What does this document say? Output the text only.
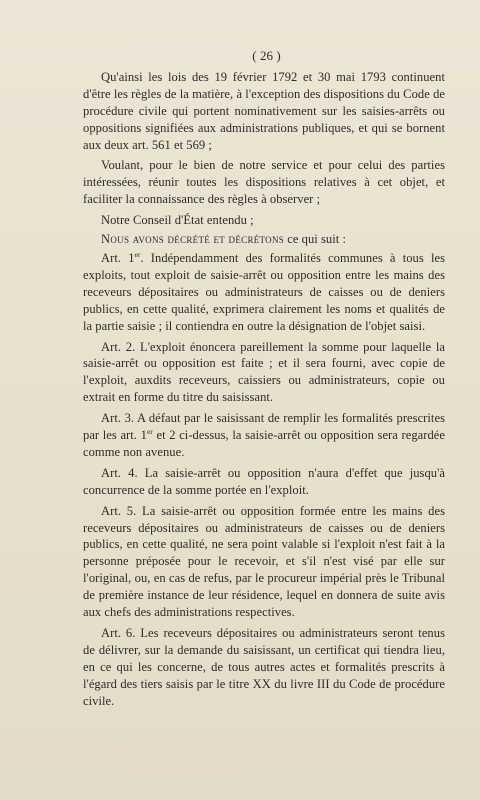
( 26 )

Qu'ainsi les lois des 19 février 1792 et 30 mai 1793 continuent d'être les règles de la matière, à l'exception des dispositions du Code de procédure civile qui portent nominativement sur les saisies-arrêts ou oppositions signifiées aux administrations publiques, et qui se bornent aux deux art. 561 et 569 ;

Voulant, pour le bien de notre service et pour celui des parties intéressées, réunir toutes les dispositions relatives à cet objet, et faciliter la connaissance des règles à observer ;

Notre Conseil d'État entendu ;

Nous avons décrété et décrétons ce qui suit :

Art. 1er. Indépendamment des formalités communes à tous les exploits, tout exploit de saisie-arrêt ou opposition entre les mains des receveurs dépositaires ou administrateurs de caisses ou de deniers publics, en cette qualité, exprimera clairement les noms et qualités de la partie saisie ; il contiendra en outre la désignation de l'objet saisi.

Art. 2. L'exploit énoncera pareillement la somme pour laquelle la saisie-arrêt ou opposition est faite ; et il sera fourni, avec copie de l'exploit, auxdits receveurs, caissiers ou administrateurs, copie ou extrait en forme du titre du saisissant.

Art. 3. A défaut par le saisissant de remplir les formalités prescrites par les art. 1er et 2 ci-dessus, la saisie-arrêt ou opposition sera regardée comme non avenue.

Art. 4. La saisie-arrêt ou opposition n'aura d'effet que jusqu'à concurrence de la somme portée en l'exploit.

Art. 5. La saisie-arrêt ou opposition formée entre les mains des receveurs dépositaires ou administrateurs de caisses ou de deniers publics, en cette qualité, ne sera point valable si l'exploit n'est fait à la personne préposée pour le recevoir, et s'il n'est visé par elle sur l'original, ou, en cas de refus, par le procureur impérial près le Tribunal de première instance de leur résidence, lequel en donnera de suite avis aux chefs des administrations respectives.

Art. 6. Les receveurs dépositaires ou administrateurs seront tenus de délivrer, sur la demande du saisissant, un certificat qui tiendra lieu, en ce qui les concerne, de tous autres actes et formalités prescrits à l'égard des tiers saisis par le titre XX du livre III du Code de procédure civile.
